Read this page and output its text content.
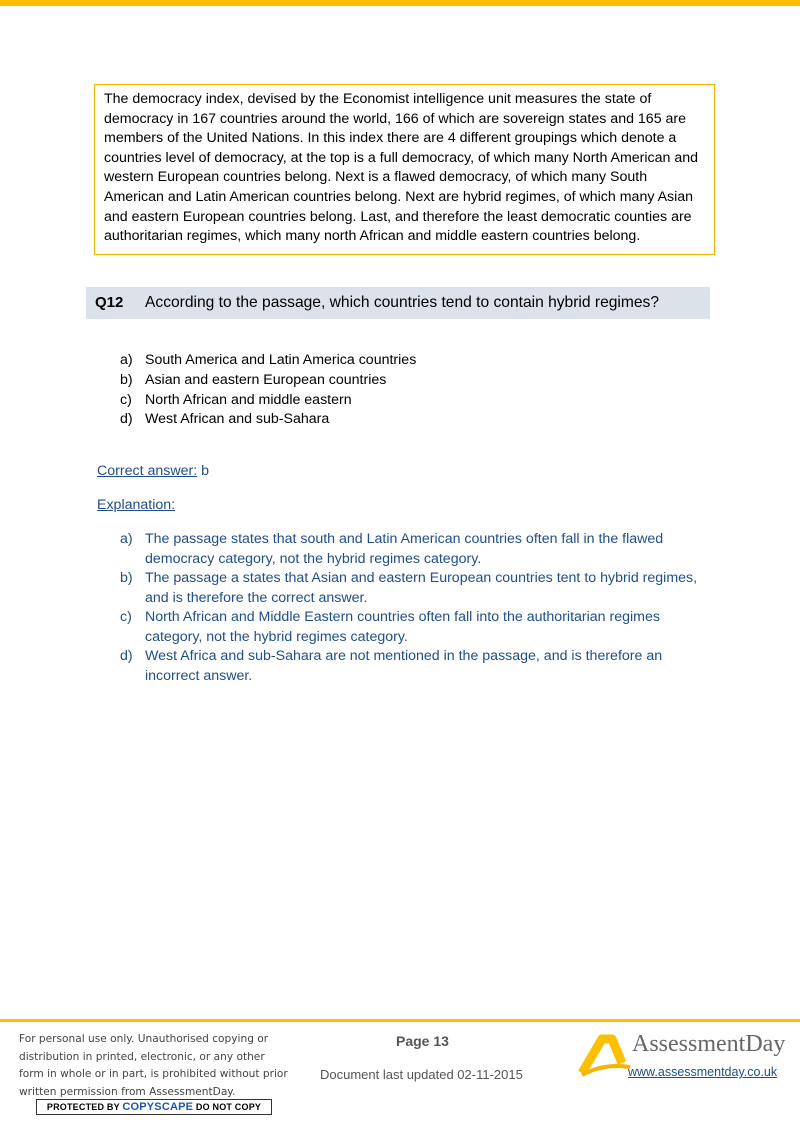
The democracy index, devised by the Economist intelligence unit measures the state of democracy in 167 countries around the world, 166 of which are sovereign states and 165 are members of the United Nations. In this index there are 4 different groupings which denote a countries level of democracy, at the top is a full democracy, of which many North American and western European countries belong. Next is a flawed democracy, of which many South American and Latin American countries belong. Next are hybrid regimes, of which many Asian and eastern European countries belong. Last, and therefore the least democratic counties are authoritarian regimes, which many north African and middle eastern countries belong.
Q12 According to the passage, which countries tend to contain hybrid regimes?
a) South America and Latin America countries
b) Asian and eastern European countries
c) North African and middle eastern
d) West African and sub-Sahara
Correct answer: b
Explanation:
a) The passage states that south and Latin American countries often fall in the flawed democracy category, not the hybrid regimes category.
b) The passage a states that Asian and eastern European countries tent to hybrid regimes, and is therefore the correct answer.
c) North African and Middle Eastern countries often fall into the authoritarian regimes category, not the hybrid regimes category.
d) West Africa and sub-Sahara are not mentioned in the passage, and is therefore an incorrect answer.
For personal use only. Unauthorised copying or distribution in printed, electronic, or any other form in whole or in part, is prohibited without prior written permission from AssessmentDay.
PROTECTED BY COPYSCAPE DO NOT COPY
Page 13
Document last updated 02-11-2015
AssessmentDay
www.assessmentday.co.uk
